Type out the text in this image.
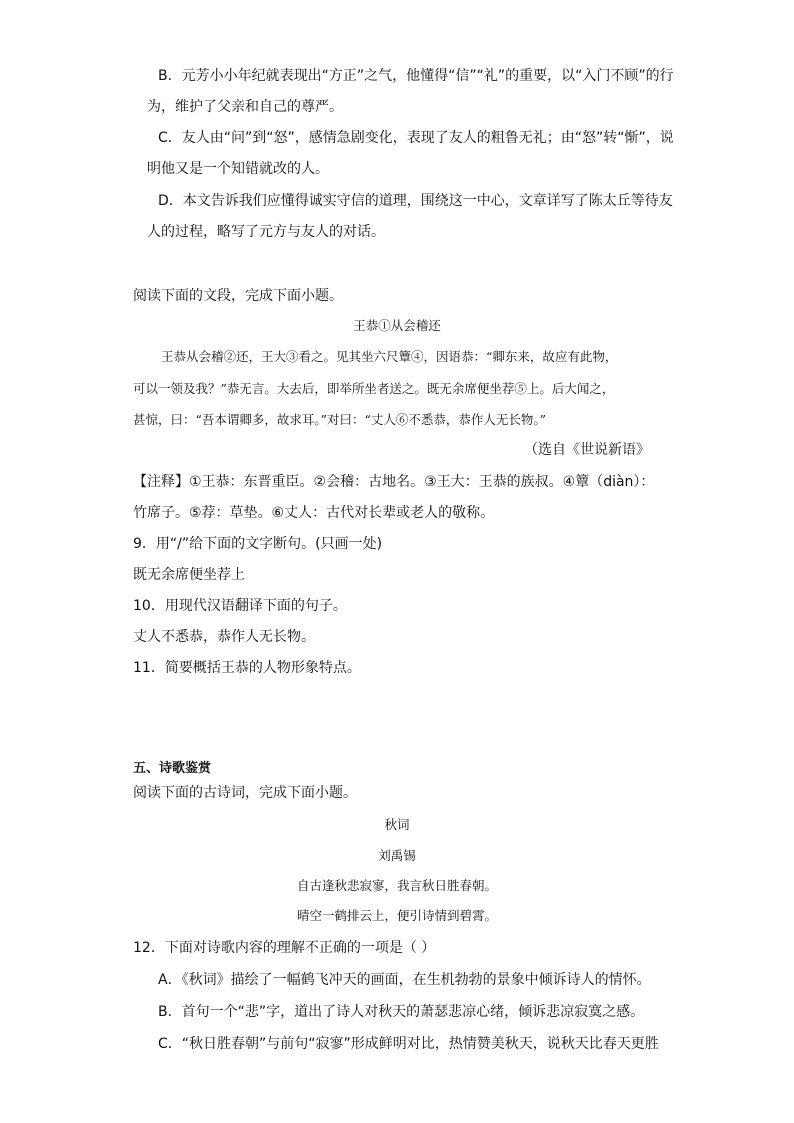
B．元芳小小年纪就表现出“方正”之气，他懂得“信”“礼”的重要，以“入门不顾”的行
为，维护了父亲和自己的尊严。
C．友人由“问”到“怒”，感情急剧变化，表现了友人的粗鲁无礼；由“怒”转“惭”，说
明他又是一个知错就改的人。
D．本文告诉我们应懂得诚实守信的道理，围绕这一中心，文章详写了陈太丘等待友
人的过程，略写了元方与友人的对话。
阅读下面的文段，完成下面小题。
王恭①从会稽还
王恭从会稽②还，王大③看之。见其坐六尺簟④，因语恭：“卿东来，故应有此物，
可以一领及我？”恭无言。大去后，即举所坐者送之。既无余席便坐荐⑤上。后大闻之，
甚惊，曰：“吾本谓卿多，故求耳。”对曰：“丈人⑥不悉恭，恭作人无长物。”
（选自《世说新语》
【注释】①王恭：东晋重臣。②会稽：古地名。③王大：王恭的族叔。④簟（diàn）：
竹席子。⑤荐：草垫。⑥丈人：古代对长辈或老人的敬称。
9．用“/”给下面的文字断句。(只画一处)
既无余席便坐荐上
10．用现代汉语翻译下面的句子。
丈人不悉恭，恭作人无长物。
11．简要概括王恭的人物形象特点。
五、诗歌鉴赏
阅读下面的古诗词，完成下面小题。
秋词
刘禹锡
自古逢秋悲寂寥，我言秋日胜春朝。
晴空一鹤排云上，便引诗情到碧霄。
12．下面对诗歌内容的理解不正确的一项是（ ）
A．《秋词》描绘了一幅鹤飞冲天的画面，在生机勃勃的景象中倾诉诗人的情怀。
B．首句一个“悲”字，道出了诗人对秋天的萧瑟悲凉心绪，倾诉悲凉寂寞之感。
C．“秋日胜春朝”与前句“寂寥”形成鲜明对比，热情赞美秋天，说秋天比春天更胜
